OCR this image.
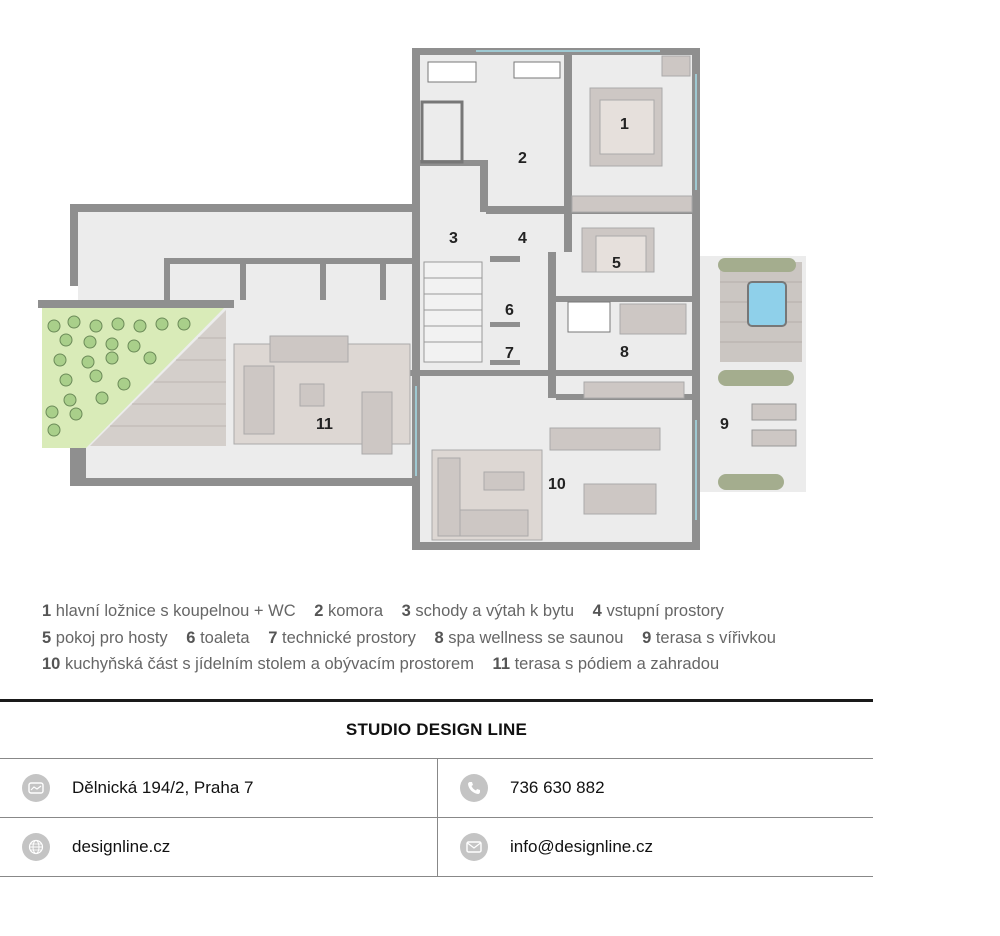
1
2
3	4
5
6
7	8
9
10
11
1 hlavní ložnice s koupelnou + WC 2 komora 3 schody a výtah k bytu 4 vstupní prostory
5 pokoj pro hosty 6 toaleta 7 technické prostory 8 spa wellness se saunou 9 terasa s vířivkou
10 kuchyňská část s jídelním stolem a obývacím prostorem 11 terasa s pódiem a zahradou
STUDIO DESIGN LINE
Dělnická 194/2, Praha 7	736 630 882
designline.cz	info@designline.cz
